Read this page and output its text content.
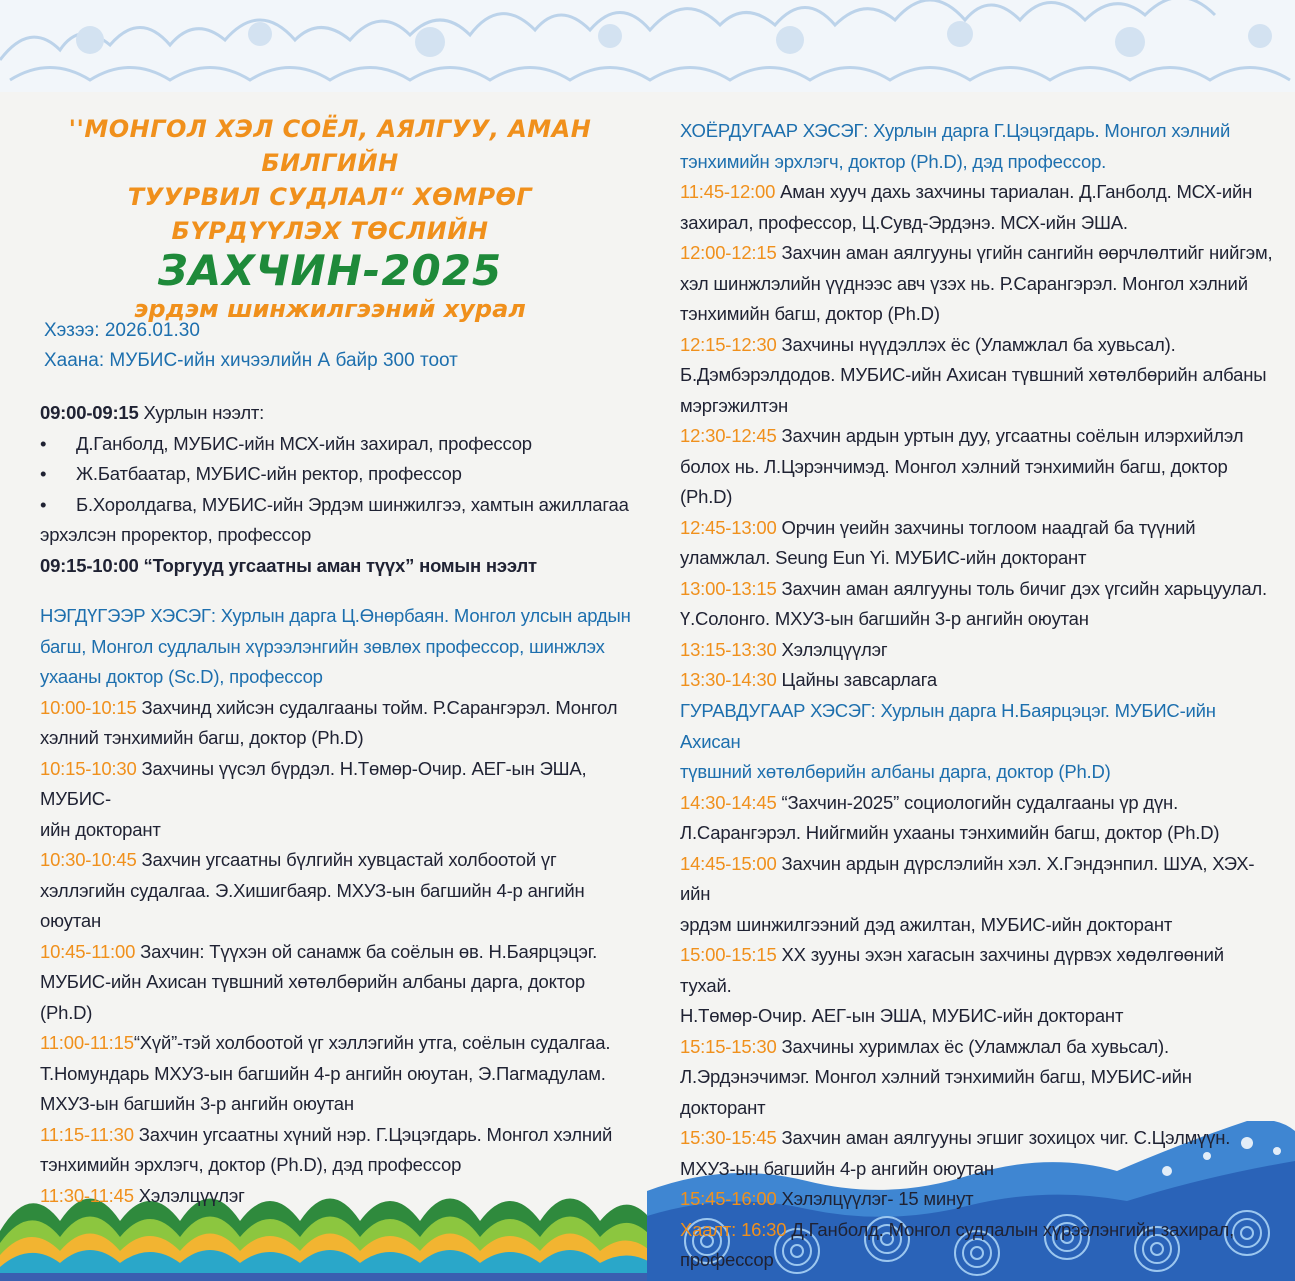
''МОНГОЛ ХЭЛ СОЁЛ, АЯЛГУУ, АМАН БИЛГИЙН
ТУУРВИЛ СУДЛАЛ“ ХӨМРӨГ БҮРДҮҮЛЭХ ТӨСЛИЙН
ЗАХЧИН-2025
эрдэм шинжилгээний хурал
Хэзээ: 2026.01.30
Хаана: МУБИС-ийн хичээлийн А байр 300 тоот

09:00-09:15 Хурлын нээлт:

•	Д.Ганболд, МУБИС-ийн МСХ-ийн захирал, профессор
•	Ж.Батбаатар, МУБИС-ийн ректор, профессор
•	Б.Хоролдагва, МУБИС-ийн Эрдэм шинжилгээ, хамтын ажиллагаа

эрхэлсэн проректор, профессор

09:15-10:00 “Торгууд угсаатны аман түүх” номын нээлт

НЭГДҮГЭЭР ХЭСЭГ: Хурлын дарга Ц.Өнөрбаян. Монгол улсын ардын

багш, Монгол судлалын хүрээлэнгийн зөвлөх профессор, шинжлэх

ухааны доктор (Sc.D), профессор

10:00-10:15 Захчинд хийсэн судалгааны тойм. Р.Сарангэрэл. Монгол

хэлний тэнхимийн багш, доктор (Ph.D)

10:15-10:30 Захчины үүсэл бүрдэл. Н.Төмөр-Очир. АЕГ-ын ЭША, МУБИС-

ийн докторант

10:30-10:45 Захчин угсаатны бүлгийн хувцастай холбоотой үг

хэллэгийн судалгаа. Э.Хишигбаяр. МХУЗ-ын багшийн 4-р ангийн

оюутан

10:45-11:00 Захчин: Түүхэн ой санамж ба соёлын өв. Н.Баярцэцэг.

МУБИС-ийн Ахисан түвшний хөтөлбөрийн албаны дарга, доктор (Ph.D)

11:00-11:15“Хүй”-тэй холбоотой үг хэллэгийн утга, соёлын судалгаа.

Т.Номундарь МХУЗ-ын багшийн 4-р ангийн оюутан, Э.Пагмадулам.

МХУЗ-ын багшийн 3-р ангийн оюутан

11:15-11:30 Захчин угсаатны хүний нэр. Г.Цэцэгдарь. Монгол хэлний

тэнхимийн эрхлэгч, доктор (Ph.D), дэд профессор

11:30-11:45 Хэлэлцүүлэг

ХОЁРДУГААР ХЭСЭГ: Хурлын дарга Г.Цэцэгдарь. Монгол хэлний

тэнхимийн эрхлэгч, доктор (Ph.D), дэд профессор.

11:45-12:00 Аман хууч дахь захчины тариалан. Д.Ганболд. МСХ-ийн

захирал, профессор, Ц.Сувд-Эрдэнэ. МСХ-ийн ЭША.

12:00-12:15 Захчин аман аялгууны үгийн сангийн өөрчлөлтийг нийгэм,

хэл шинжлэлийн үүднээс авч үзэх нь. Р.Сарангэрэл. Монгол хэлний

тэнхимийн багш, доктор (Ph.D)

12:15-12:30 Захчины нүүдэллэх ёс (Уламжлал ба хувьсал).

Б.Дэмбэрэлдодов. МУБИС-ийн Ахисан түвшний хөтөлбөрийн албаны

мэргэжилтэн

12:30-12:45 Захчин ардын уртын дуу, угсаатны соёлын илэрхийлэл

болох нь. Л.Цэрэнчимэд. Монгол хэлний тэнхимийн багш, доктор (Ph.D)

12:45-13:00 Орчин үеийн захчины тоглоом наадгай ба түүний

уламжлал. Seung Eun Yi. МУБИС-ийн докторант

13:00-13:15 Захчин аман аялгууны толь бичиг дэх үгсийн харьцуулал.

Ү.Солонго. МХУЗ-ын багшийн 3-р ангийн оюутан

13:15-13:30 Хэлэлцүүлэг

13:30-14:30 Цайны завсарлага

ГУРАВДУГААР ХЭСЭГ: Хурлын дарга Н.Баярцэцэг. МУБИС-ийн Ахисан

түвшний хөтөлбөрийн албаны дарга, доктор (Ph.D)

14:30-14:45 “Захчин-2025” социологийн судалгааны үр дүн.

Л.Сарангэрэл. Нийгмийн ухааны тэнхимийн багш, доктор (Ph.D)

14:45-15:00 Захчин ардын дүрслэлийн хэл. Х.Гэндэнпил. ШУА, ХЭХ-ийн

эрдэм шинжилгээний дэд ажилтан, МУБИС-ийн докторант

15:00-15:15 XX зууны эхэн хагасын захчины дүрвэх хөдөлгөөний тухай.

Н.Төмөр-Очир. АЕГ-ын ЭША, МУБИС-ийн докторант

15:15-15:30 Захчины хуримлах ёс (Уламжлал ба хувьсал).

Л.Эрдэнэчимэг. Монгол хэлний тэнхимийн багш, МУБИС-ийн докторант

15:30-15:45 Захчин аман аялгууны эгшиг зохицох чиг. С.Цэлмүүн.

МХУЗ-ын багшийн 4-р ангийн оюутан

15:45-16:00 Хэлэлцүүлэг- 15 минут

Хаалт: 16:30 Д.Ганболд. Монгол судлалын хүрээлэнгийн захирал,

профессор
